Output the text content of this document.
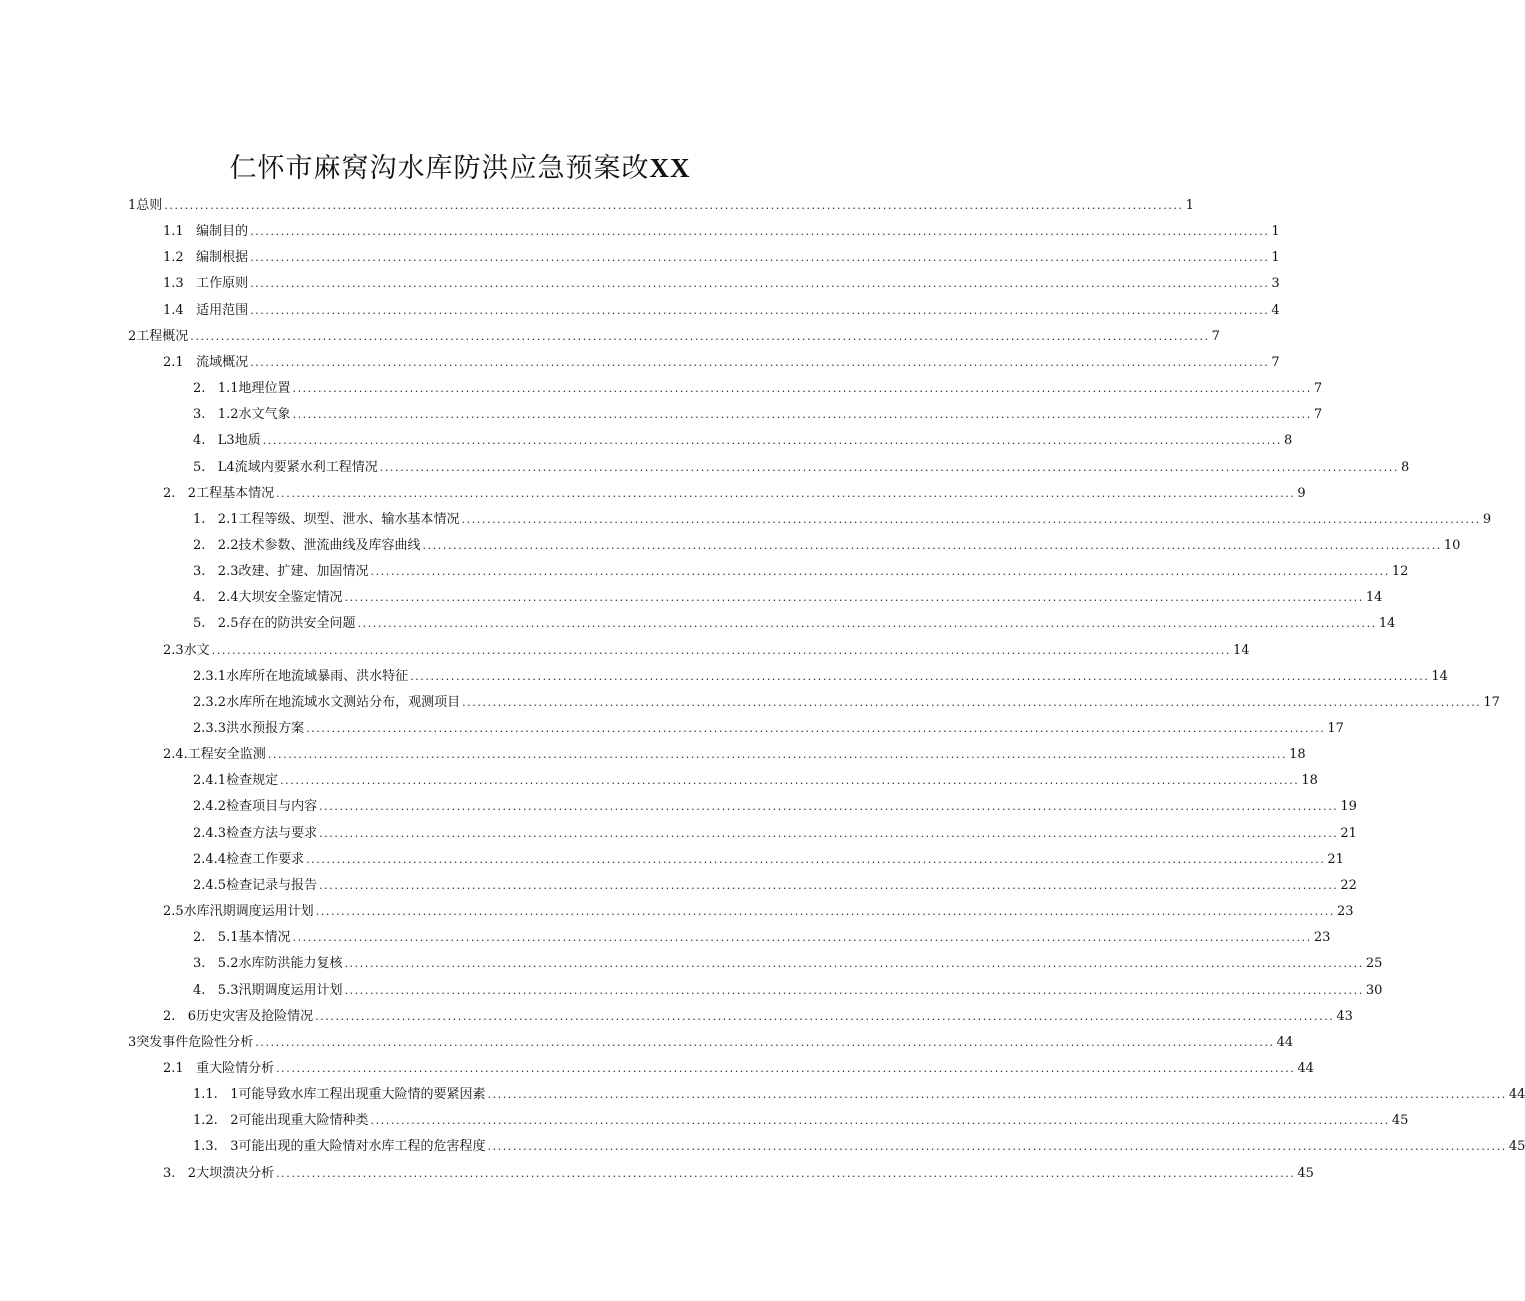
仁怀市麻窝沟水库防洪应急预案改XX
1总则 ........................................................................................................................................................................................................ 1
1.1   编制目的 ........................................................................................................................................................................................................ 1
1.2   编制根据 ........................................................................................................................................................................................................ 1
1.3   工作原则 ........................................................................................................................................................................................................ 3
1.4   适用范围 ........................................................................................................................................................................................................ 4
2工程概况 ........................................................................................................................................................................................................ 7
2.1   流域概况 ........................................................................................................................................................................................................ 7
2.   1.1地理位置 ........................................................................................................................................................................................................ 7
3.   1.2水文气象 ........................................................................................................................................................................................................ 7
4.   L3地质 ........................................................................................................................................................................................................ 8
5.   L4流域内要紧水利工程情况 ........................................................................................................................................................................................................ 8
2.   2工程基本情况 ........................................................................................................................................................................................................ 9
1.   2.1工程等级、坝型、泄水、输水基本情况 ........................................................................................................................................................................................................ 9
2.   2.2技术参数、泄流曲线及库容曲线 ........................................................................................................................................................................................................ 10
3.   2.3改建、扩建、加固情况 ........................................................................................................................................................................................................ 12
4.   2.4大坝安全鉴定情况 ........................................................................................................................................................................................................ 14
5.   2.5存在的防洪安全问题 ........................................................................................................................................................................................................ 14
2.3水文 ........................................................................................................................................................................................................ 14
2.3.1水库所在地流域暴雨、洪水特征 ........................................................................................................................................................................................................ 14
2.3.2水库所在地流域水文测站分布，观测项目 ........................................................................................................................................................................................................ 17
2.3.3洪水预报方案 ........................................................................................................................................................................................................ 17
2.4.工程安全监测 ........................................................................................................................................................................................................ 18
2.4.1检查规定 ........................................................................................................................................................................................................ 18
2.4.2检查项目与内容 ........................................................................................................................................................................................................ 19
2.4.3检查方法与要求 ........................................................................................................................................................................................................ 21
2.4.4检查工作要求 ........................................................................................................................................................................................................ 21
2.4.5检查记录与报告 ........................................................................................................................................................................................................ 22
2.5水库汛期调度运用计划 ........................................................................................................................................................................................................ 23
2.   5.1基本情况 ........................................................................................................................................................................................................ 23
3.   5.2水库防洪能力复核 ........................................................................................................................................................................................................ 25
4.   5.3汛期调度运用计划 ........................................................................................................................................................................................................ 30
2.   6历史灾害及抢险情况 ........................................................................................................................................................................................................ 43
3突发事件危险性分析 ........................................................................................................................................................................................................ 44
2.1   重大险情分析 ........................................................................................................................................................................................................ 44
1.1.   1可能导致水库工程出现重大险情的要紧因素 ........................................................................................................................................................................................................ 44
1.2.   2可能出现重大险情种类 ........................................................................................................................................................................................................ 45
1.3.   3可能出现的重大险情对水库工程的危害程度 ........................................................................................................................................................................................................ 45
3.   2大坝溃决分析 ........................................................................................................................................................................................................ 45
